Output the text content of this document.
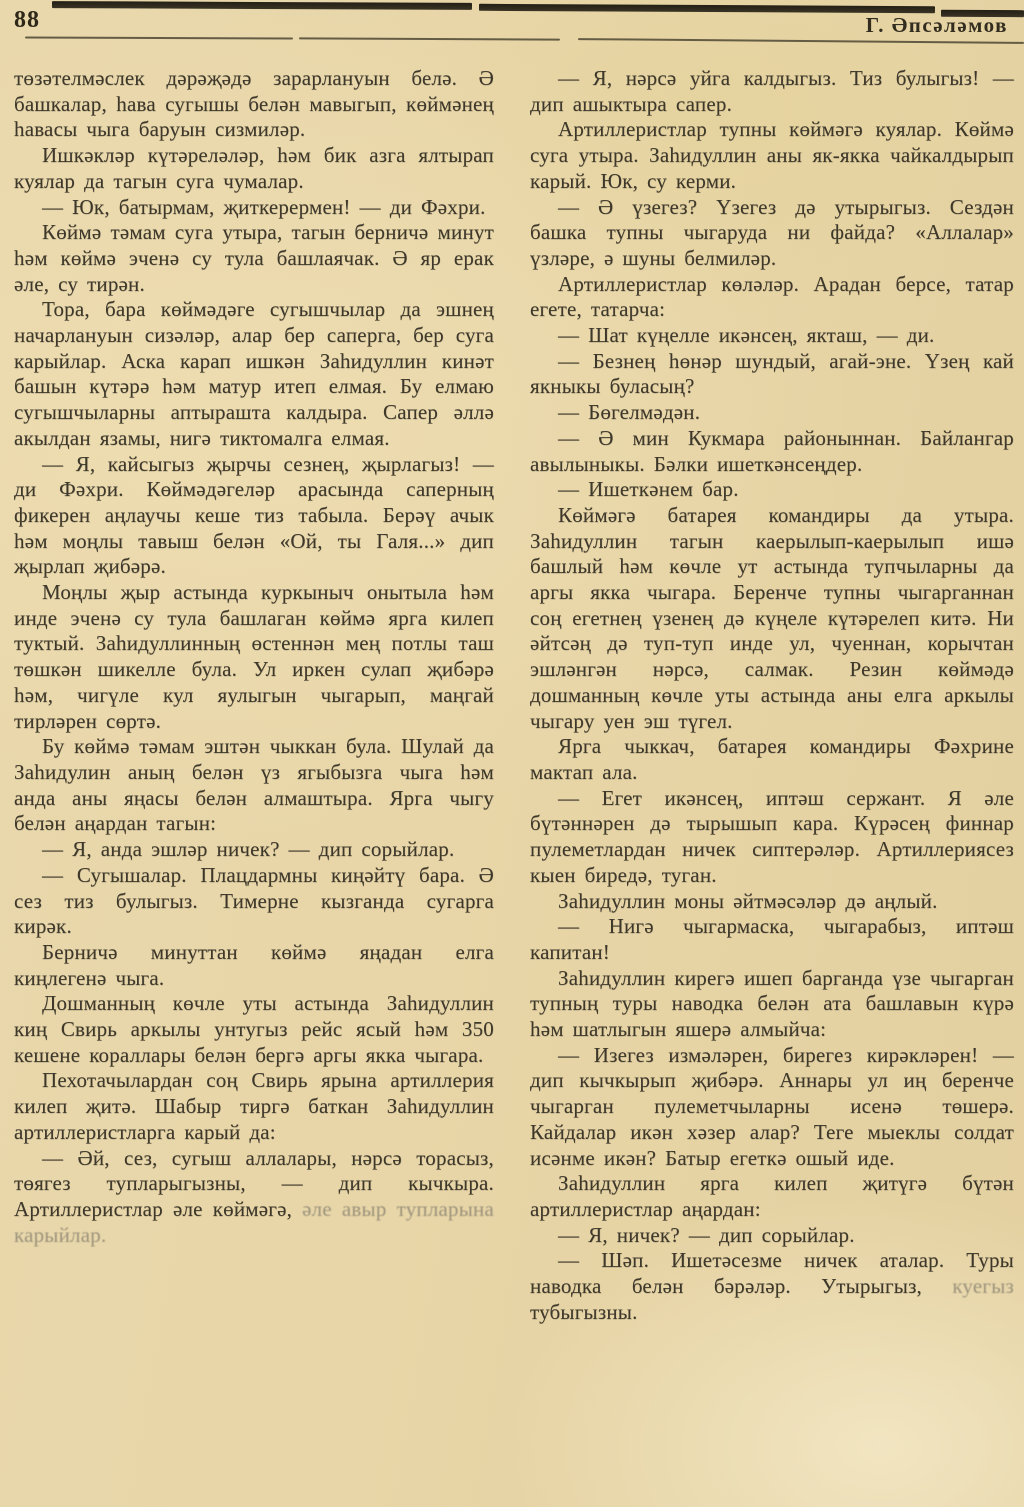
88	Г. Әпсәләмов

төзәтелмәслек дәрәҗәдә зарарлануын белә. Ә башкалар, һава сугышы белән мавыгып, көймәнең һавасы чыга баруын сизмиләр.

Ишкәкләр күтәреләләр, һәм бик азга ялтырап куялар да тагын суга чумалар.

— Юк, батырмам, җиткерермен! — ди Фәхри.

Көймә тәмам суга утыра, тагын берничә минут һәм көймә эченә су тула башлаячак. Ә яр ерак әле, су тирән.

Тора, бара көймәдәге сугышчылар да эшнең начарлануын сизәләр, алар бер саперга, бер суга карыйлар. Аска карап ишкән Заһидуллин кинәт башын күтәрә һәм матур итеп елмая. Бу елмаю сугышчыларны аптырашта калдыра. Сапер әллә акылдан язамы, нигә тиктомалга елмая.

— Я, кайсыгыз җырчы сезнең, җырлагыз! — ди Фәхри. Көймәдәгеләр арасында саперның фикерен аңлаучы кеше тиз табыла. Берәү ачык һәм моңлы тавыш белән «Ой, ты Галя...» дип җырлап җибәрә.

Моңлы җыр астында куркыныч онытыла һәм инде эченә су тула башлаган көймә ярга килеп туктый. Заһидуллинның өстеннән мең потлы таш төшкән шикелле була. Ул иркен сулап җибәрә һәм, чигүле кул яулыгын чыгарып, маңгай тирләрен сөртә.

Бу көймә тәмам эштән чыккан була. Шулай да Заһидулин аның белән үз ягыбызга чыга һәм анда аны яңасы белән алмаштыра. Ярга чыгу белән аңардан тагын:

— Я, анда эшләр ничек? — дип сорыйлар.

— Сугышалар. Плацдармны киңәйтү бара. Ә сез тиз булыгыз. Тимерне кызганда сугарга кирәк.

Берничә минуттан көймә яңадан елга киңлегенә чыга.

Дошманның көчле уты астында Заһидуллин киң Свирь аркылы унтугыз рейс ясый һәм 350 кешене кораллары белән бергә аргы якка чыгара.

Пехотачылардан соң Свирь ярына артиллерия килеп җитә. Шабыр тиргә баткан Заһидуллин артиллеристларга карый да:

— Әй, сез, сугыш аллалары, нәрсә торасыз, төягез тупларыгызны, — дип кычкыра. Артиллеристлар әле көймәгә, әле авыр тупларына карыйлар.

— Я, нәрсә уйга калдыгыз. Тиз булыгыз! — дип ашыктыра сапер.

Артиллеристлар тупны көймәгә куялар. Көймә суга утыра. Заһидуллин аны як-якка чайкалдырып карый. Юк, су керми.

— Ә үзегез? Үзегез дә утырыгыз. Сездән башка тупны чыгаруда ни файда? «Аллалар» үзләре, ә шуны белмиләр.

Артиллеристлар көләләр. Арадан берсе, татар егете, татарча:

— Шат күңелле икәнсең, якташ, — ди.

— Безнең һөнәр шундый, агай-эне. Үзең кай якныкы буласың?

— Бөгелмәдән.

— Ә мин Кукмара районыннан. Байлангар авылыныкы. Бәлки ишеткәнсеңдер.

— Ишеткәнем бар.

Көймәгә батарея командиры да утыра. Заһидуллин тагын каерылып-каерылып ишә башлый һәм көчле ут астында тупчыларны да аргы якка чыгара. Беренче тупны чыгарганнан соң егетнең үзенең дә күңеле күтәрелеп китә. Ни әйтсәң дә туп-туп инде ул, чуеннан, корычтан эшләнгән нәрсә, салмак. Резин көймәдә дошманның көчле уты астында аны елга аркылы чыгару уен эш түгел.

Ярга чыккач, батарея командиры Фәхрине мактап ала.

— Егет икәнсең, иптәш сержант. Я әле бүтәннәрен дә тырышып кара. Күрәсең финнар пулеметлардан ничек сиптерәләр. Артиллериясез кыен биредә, туган.

Заһидуллин моны әйтмәсәләр дә аңлый.

— Нигә чыгармаска, чыгарабыз, иптәш капитан!

Заһидуллин кирегә ишеп барганда үзе чыгарган тупның туры наводка белән ата башлавын күрә һәм шатлыгын яшерә алмыйча:

— Изегез измәләрен, бирегез кирәкләрен! — дип кычкырып җибәрә. Аннары ул иң беренче чыгарган пулеметчыларны исенә төшерә. Кайдалар икән хәзер алар? Теге мыеклы солдат исәнме икән? Батыр егеткә ошый иде.

Заһидуллин ярга килеп җитүгә бүтән артиллеристлар аңардан:

— Я, ничек? — дип сорыйлар.

— Шәп. Ишетәсезме ничек аталар. Туры наводка белән бәрәләр. Утырыгыз, куегыз тубыгызны.
